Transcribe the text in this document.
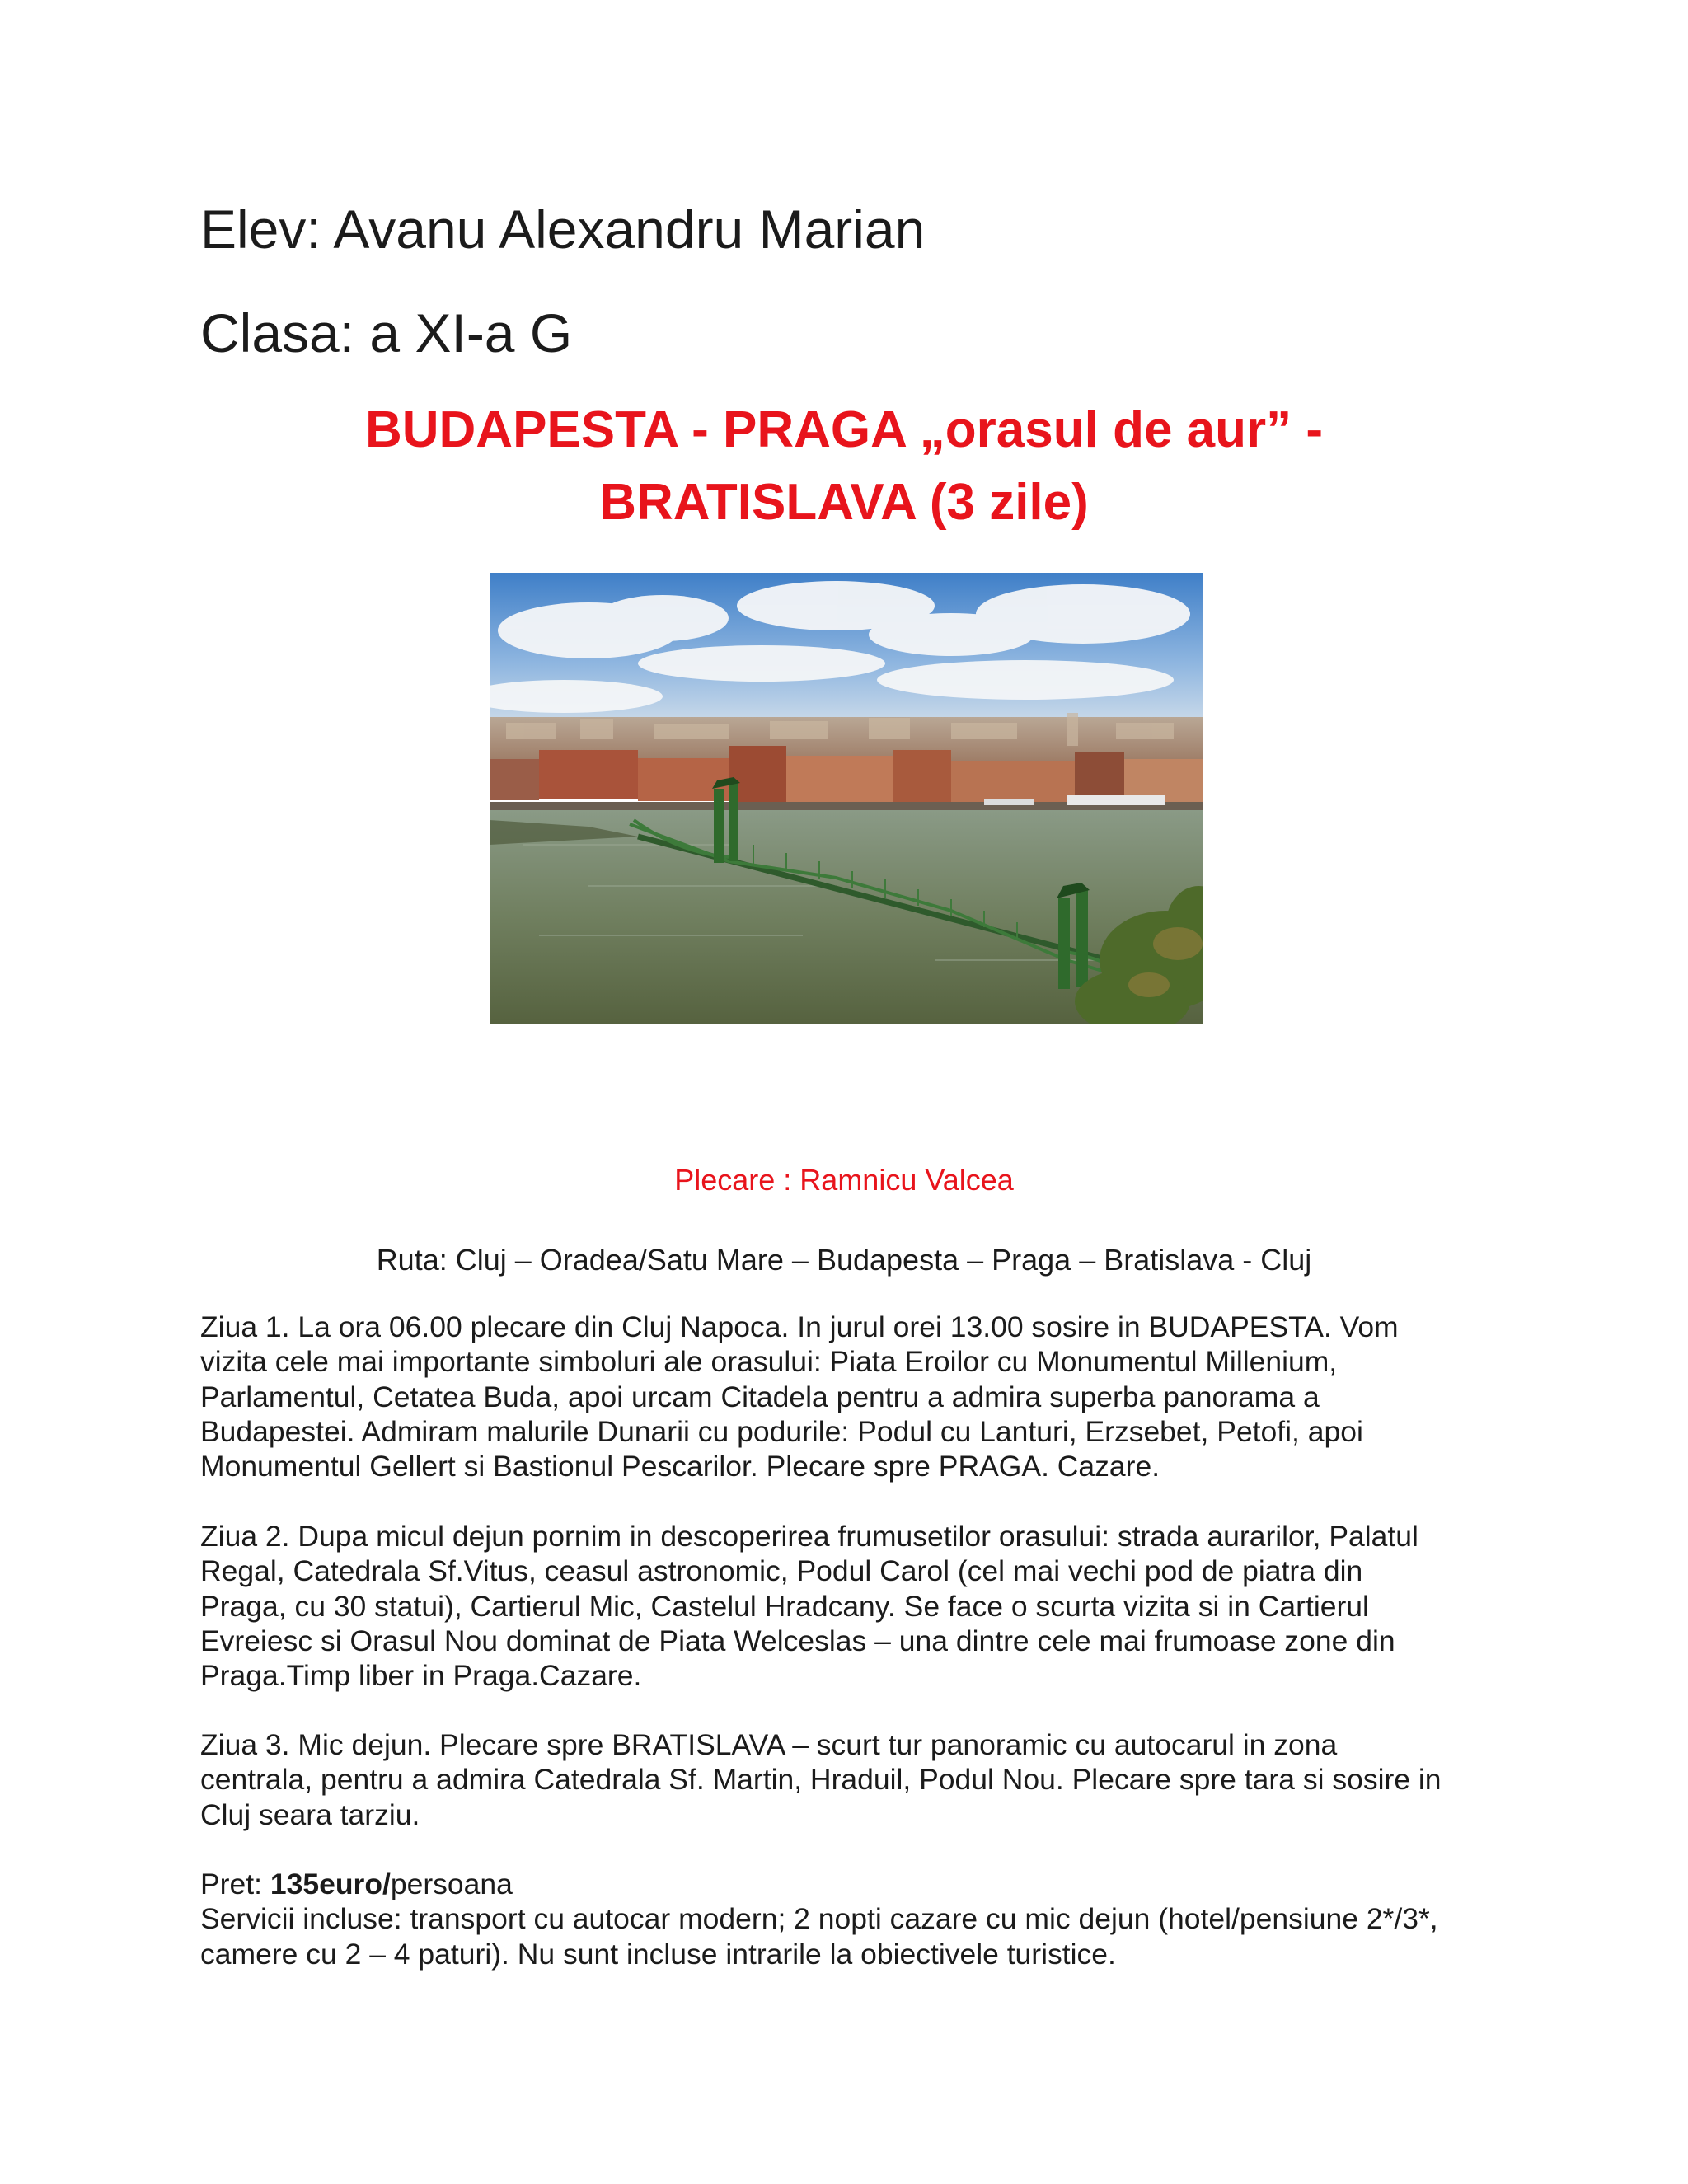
Elev: Avanu Alexandru Marian
Clasa: a XI-a G
BUDAPESTA - PRAGA „orasul de aur” -
BRATISLAVA (3 zile)
Plecare : Ramnicu Valcea
Ruta: Cluj – Oradea/Satu Mare – Budapesta – Praga – Bratislava - Cluj
Ziua 1. La ora 06.00 plecare din Cluj Napoca. In jurul orei 13.00 sosire in BUDAPESTA. Vom
vizita cele mai importante simboluri ale orasului: Piata Eroilor cu Monumentul Millenium,
Parlamentul, Cetatea Buda, apoi urcam Citadela pentru a admira superba panorama a
Budapestei. Admiram malurile Dunarii cu podurile: Podul cu Lanturi, Erzsebet, Petofi, apoi
Monumentul Gellert si Bastionul Pescarilor. Plecare spre PRAGA. Cazare.
Ziua 2. Dupa micul dejun pornim in descoperirea frumusetilor orasului: strada aurarilor, Palatul
Regal, Catedrala Sf.Vitus, ceasul astronomic, Podul Carol (cel mai vechi pod de piatra din
Praga, cu 30 statui), Cartierul Mic, Castelul Hradcany. Se face o scurta vizita si in Cartierul
Evreiesc si Orasul Nou dominat de Piata Welceslas – una dintre cele mai frumoase zone din
Praga.Timp liber in Praga.Cazare.
Ziua 3. Mic dejun. Plecare spre BRATISLAVA – scurt tur panoramic cu autocarul in zona
centrala, pentru a admira Catedrala Sf. Martin, Hraduil, Podul Nou. Plecare spre tara si sosire in
Cluj seara tarziu.
Pret: 135euro/persoana
Servicii incluse: transport cu autocar modern; 2 nopti cazare cu mic dejun (hotel/pensiune 2*/3*,
camere cu 2 – 4 paturi). Nu sunt incluse intrarile la obiectivele turistice.
